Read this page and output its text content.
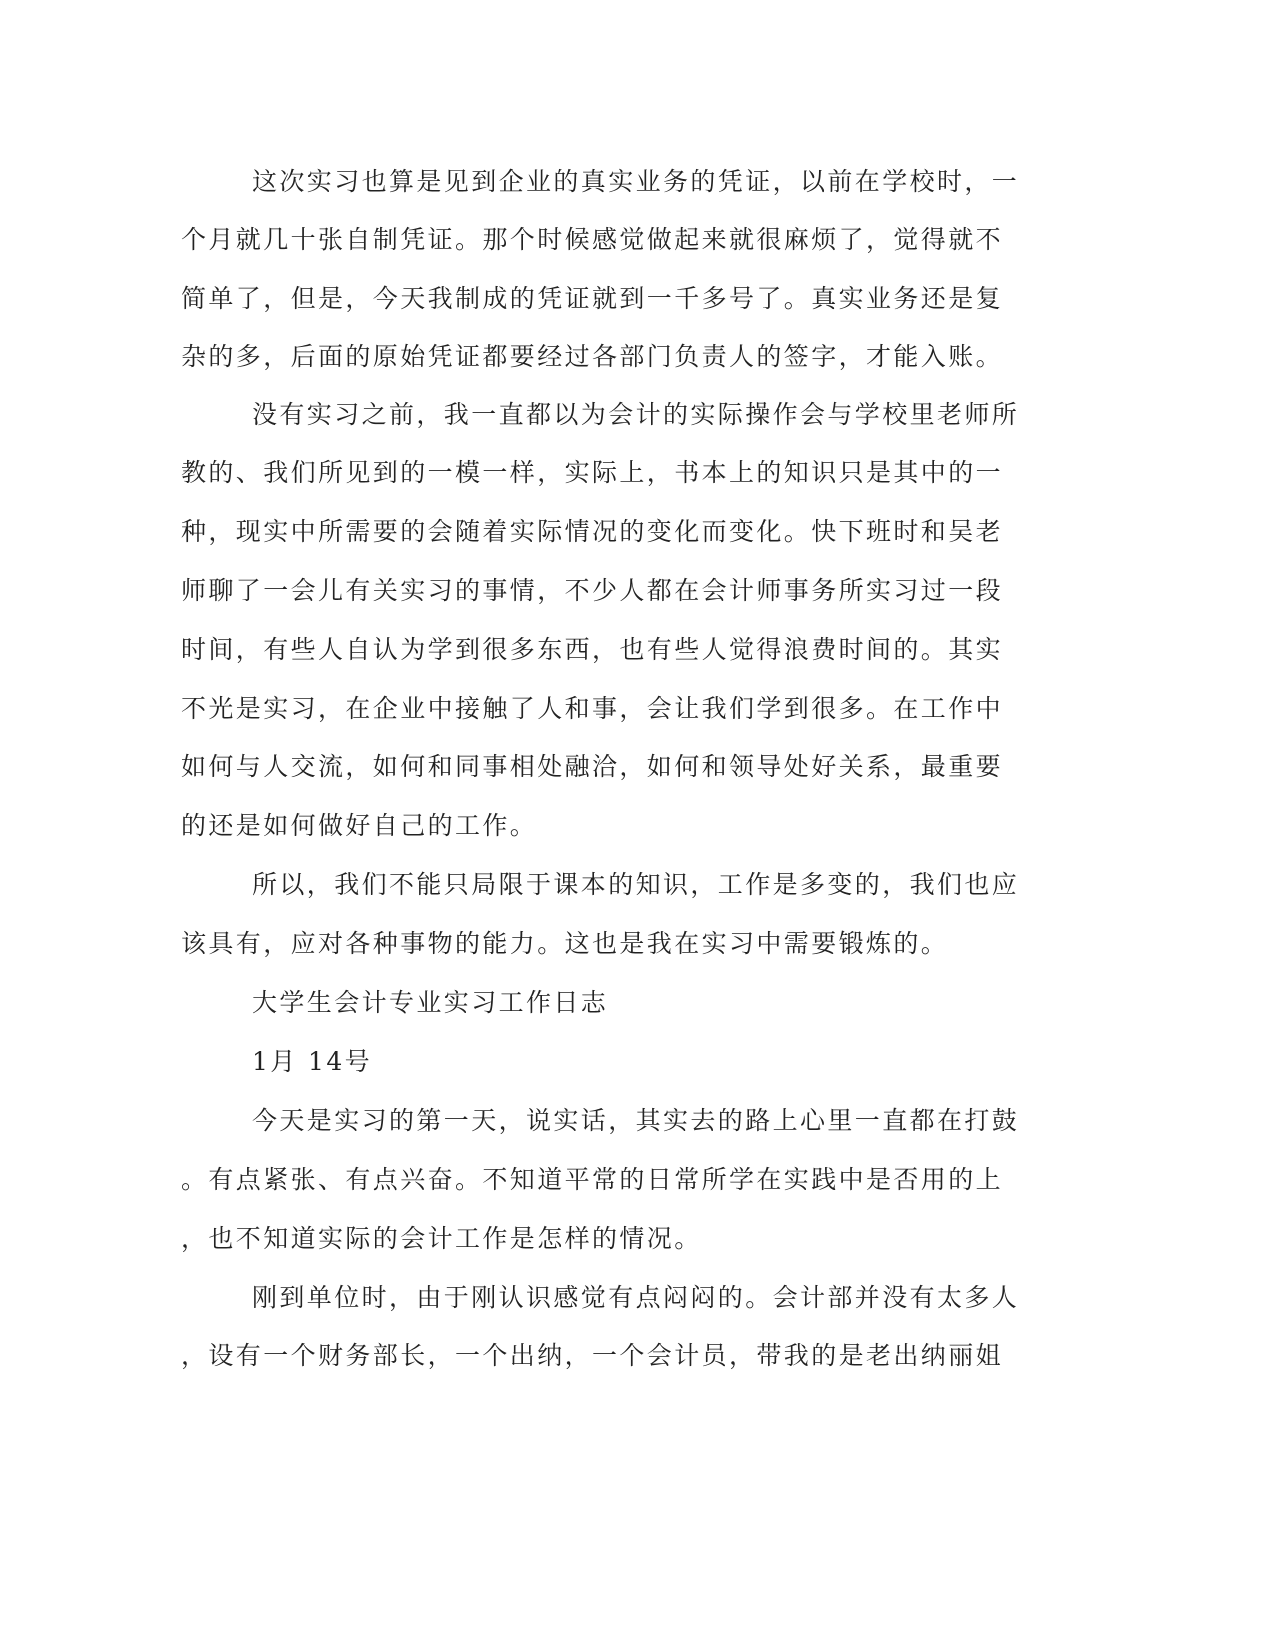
这次实习也算是见到企业的真实业务的凭证，以前在学校时，一
个月就几十张自制凭证。那个时候感觉做起来就很麻烦了，觉得就不
简单了，但是，今天我制成的凭证就到一千多号了。真实业务还是复
杂的多，后面的原始凭证都要经过各部门负责人的签字，才能入账。
没有实习之前，我一直都以为会计的实际操作会与学校里老师所
教的、我们所见到的一模一样，实际上，书本上的知识只是其中的一
种，现实中所需要的会随着实际情况的变化而变化。快下班时和吴老
师聊了一会儿有关实习的事情，不少人都在会计师事务所实习过一段
时间，有些人自认为学到很多东西，也有些人觉得浪费时间的。其实
不光是实习，在企业中接触了人和事，会让我们学到很多。在工作中
如何与人交流，如何和同事相处融洽，如何和领导处好关系，最重要
的还是如何做好自己的工作。
所以，我们不能只局限于课本的知识，工作是多变的，我们也应
该具有，应对各种事物的能力。这也是我在实习中需要锻炼的。
大学生会计专业实习工作日志
1月 14号
今天是实习的第一天，说实话，其实去的路上心里一直都在打鼓
。有点紧张、有点兴奋。不知道平常的日常所学在实践中是否用的上
，也不知道实际的会计工作是怎样的情况。
刚到单位时，由于刚认识感觉有点闷闷的。会计部并没有太多人
，设有一个财务部长，一个出纳，一个会计员，带我的是老出纳丽姐
